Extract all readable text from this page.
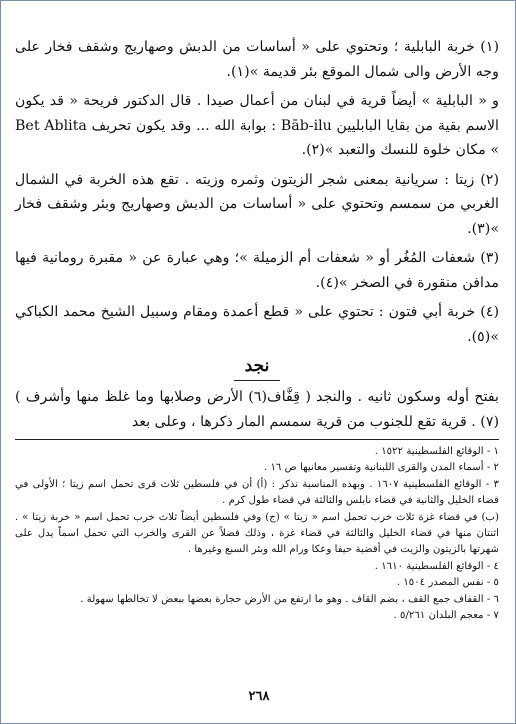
(١) خربة البابلية ؛ وتحتوي على « أساسات من الدبش وصهاريج وشقف فخار على وجه الأرض والى شمال الموقع بئر قديمة »(١).

و « البابلية » أيضاً قرية في لبنان من أعمال صيدا . قال الدكتور فريحة « قد يكون الاسم بقية من بقايا البابليين Bāb-ilu : بوابة الله ... وقد يكون تحريف Bet Ablita » مكان خلوة للنسك والتعبد »(٢).

(٢) زيتا : سريانية بمعنى شجر الزيتون وثمره وزيته . تقع هذه الخربة في الشمال الغربي من سمسم وتحتوي على « أساسات من الدبش وصهاريج وبئر وشقف فخار »(٣).

(٣) شعفات المُغُر أو « شعفات أم الزميلة »؛ وهي عبارة عن « مقبرة رومانية فيها مدافن منقورة في الصخر »(٤).

(٤) خربة أبي فتون : تحتوي على « قطع أعمدة ومقام وسبيل الشيخ محمد الكباكي »(٥).

نجد

بفتح أوله وسكون ثانيه . والنجد ( قِفَّاف(٦) الأرض وصلابها وما غلظ منها وأشرف )(٧) . قرية تقع للجنوب من قرية سمسم المار ذكرها ، وعلى بعد

١ - الوقائع الفلسطينية ١٥٢٢ .

٢ - أسماء المدن والقرى اللبنانية وتفسير معانيها ص ١٦ .

٣ - الوقائع الفلسطينية ١٦٠٧ . وبهذه المناسبة نذكر : (أ) أن في فلسطين ثلاث قرى تحمل اسم زيتا ؛ الأولى في قضاء الخليل والثانية في قضاء نابلس والثالثة في قضاء طول كرم .

(ب) في قضاء غزة ثلاث خرب تحمل اسم « زيتا » (ج) وفي فلسطين أيضاً ثلاث خرب تحمل اسم « خربة زيتا » . اثنتان منها في قضاء الخليل والثالثة في قضاء غزة ، وذلك فضلاً عن القرى والخرب التي تحمل اسماً يدل على شهرتها بالزيتون والزيت في أقضية حيفا وعكا ورام الله وبئر السبع وغيرها .

٤ - الوقائع الفلسطينية ١٦١٠ .

٥ - نفس المصدر ١٥٠٤ .

٦ - القفاف جمع القف ، بضم القاف . وهو ما ارتفع من الأرض حجارة بعضها ببعض لا تخالطها سهولة .

٧ - معجم البلدان ٥/٢٦١ .

٢٦٨
